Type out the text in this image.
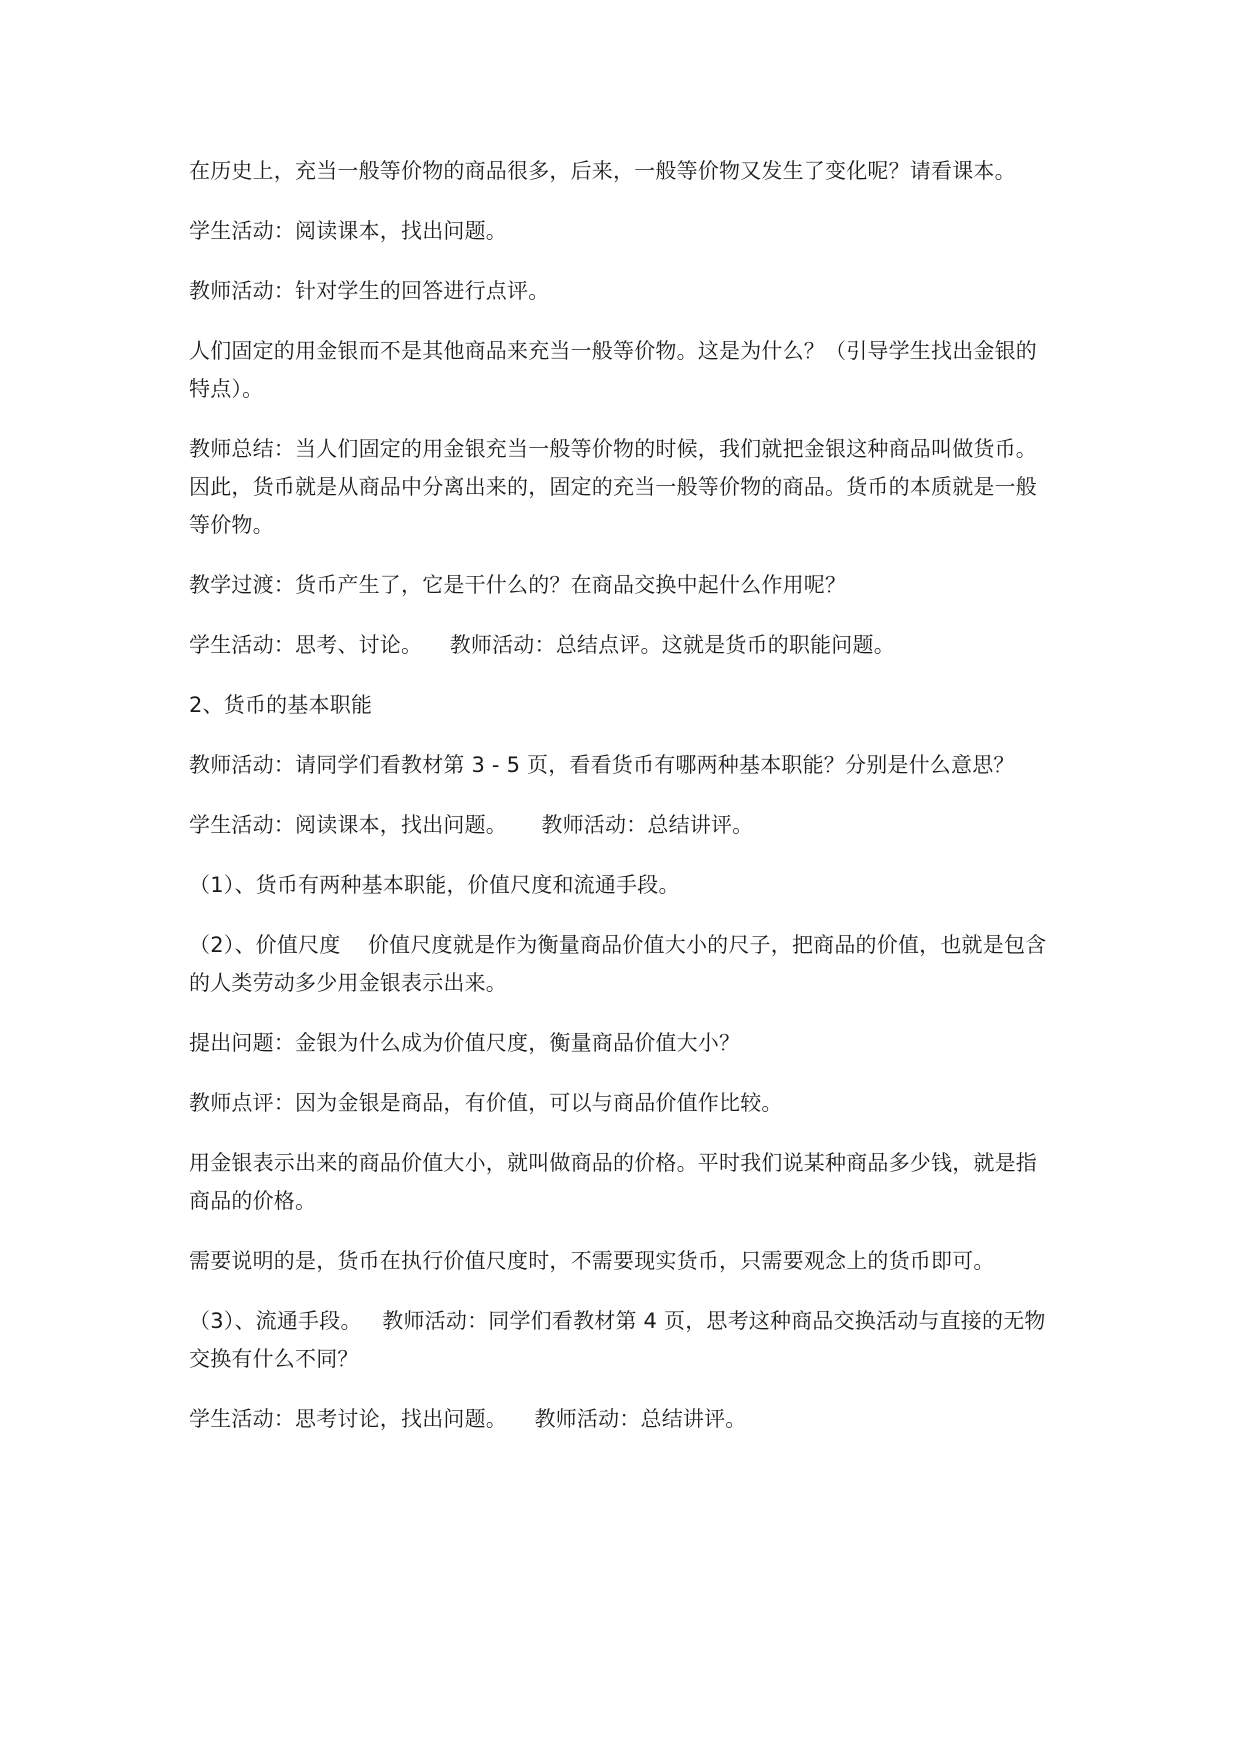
在历史上，充当一般等价物的商品很多，后来，一般等价物又发生了变化呢？请看课本。

学生活动：阅读课本，找出问题。

教师活动：针对学生的回答进行点评。

人们固定的用金银而不是其他商品来充当一般等价物。这是为什么？（引导学生找出金银的特点）。

教师总结：当人们固定的用金银充当一般等价物的时候，我们就把金银这种商品叫做货币。因此，货币就是从商品中分离出来的，固定的充当一般等价物的商品。货币的本质就是一般等价物。

教学过渡：货币产生了，它是干什么的？在商品交换中起什么作用呢？

学生活动：思考、讨论。    教师活动：总结点评。这就是货币的职能问题。

2、货币的基本职能

教师活动：请同学们看教材第 3 - 5 页，看看货币有哪两种基本职能？分别是什么意思？

学生活动：阅读课本，找出问题。     教师活动：总结讲评。

（1）、货币有两种基本职能，价值尺度和流通手段。

（2）、价值尺度    价值尺度就是作为衡量商品价值大小的尺子，把商品的价值，也就是包含的人类劳动多少用金银表示出来。

提出问题：金银为什么成为价值尺度，衡量商品价值大小？

教师点评：因为金银是商品，有价值，可以与商品价值作比较。

用金银表示出来的商品价值大小，就叫做商品的价格。平时我们说某种商品多少钱，就是指商品的价格。

需要说明的是，货币在执行价值尺度时，不需要现实货币，只需要观念上的货币即可。

（3）、流通手段。   教师活动：同学们看教材第 4 页，思考这种商品交换活动与直接的无物交换有什么不同？

学生活动：思考讨论，找出问题。    教师活动：总结讲评。
